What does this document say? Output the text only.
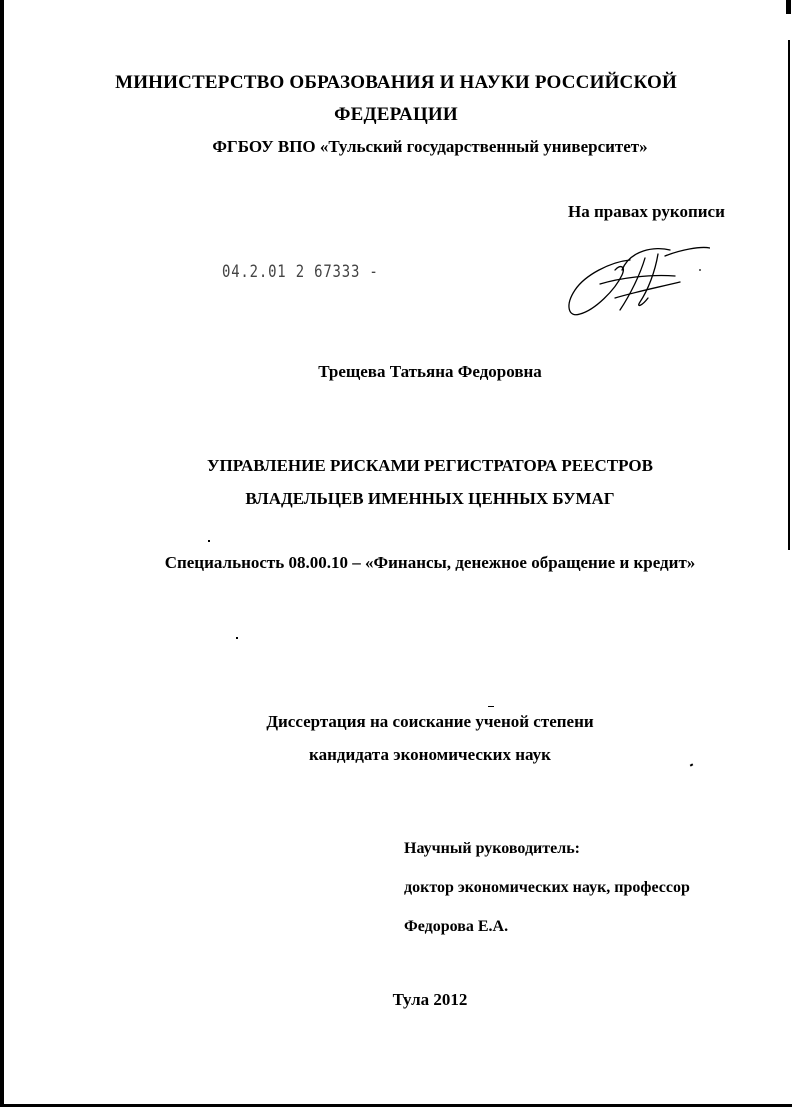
МИНИСТЕРСТВО ОБРАЗОВАНИЯ И НАУКИ РОССИЙСКОЙ

ФЕДЕРАЦИИ

ФГБОУ ВПО «Тульский государственный университет»

На правах рукописи

04.2.01 2 67333 -

Трещева Татьяна Федоровна

УПРАВЛЕНИЕ РИСКАМИ РЕГИСТРАТОРА РЕЕСТРОВ

ВЛАДЕЛЬЦЕВ ИМЕННЫХ ЦЕННЫХ БУМАГ

Специальность 08.00.10 – «Финансы, денежное обращение и кредит»

Диссертация на соискание ученой степени

кандидата экономических наук

Научный руководитель:

доктор экономических наук, профессор

Федорова Е.А.

Тула 2012
